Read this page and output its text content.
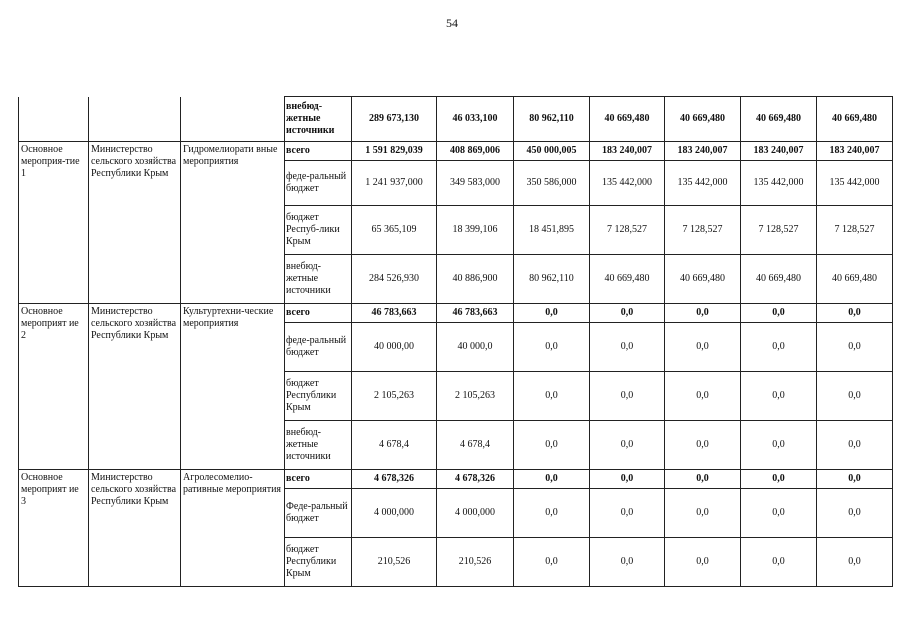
54
			внебюд-жетные источники	289 673,130	46 033,100	80 962,110	40 669,480	40 669,480	40 669,480	40 669,480
Основное мероприя-тие 1	Министерство сельского хозяйства Республики Крым	Гидромелиорати вные мероприятия	всего	1 591 829,039	408 869,006	450 000,005	183 240,007	183 240,007	183 240,007	183 240,007
			феде-ральный бюджет	1 241 937,000	349 583,000	350 586,000	135 442,000	135 442,000	135 442,000	135 442,000
			бюджет Респуб-лики Крым	65 365,109	18 399,106	18 451,895	7 128,527	7 128,527	7 128,527	7 128,527
			внебюд-жетные источники	284 526,930	40 886,900	80 962,110	40 669,480	40 669,480	40 669,480	40 669,480
Основное мероприят ие 2	Министерство сельского хозяйства Республики Крым	Культуртехни-ческие мероприятия	всего	46 783,663	46 783,663	0,0	0,0	0,0	0,0	0,0
			феде-ральный бюджет	40 000,00	40 000,0	0,0	0,0	0,0	0,0	0,0
			бюджет Республики Крым	2 105,263	2 105,263	0,0	0,0	0,0	0,0	0,0
			внебюд-жетные источники	4 678,4	4 678,4	0,0	0,0	0,0	0,0	0,0
Основное мероприят ие 3	Министерство сельского хозяйства Республики Крым	Агролесомелио-ративные мероприятия	всего	4 678,326	4 678,326	0,0	0,0	0,0	0,0	0,0
			Феде-ральный бюджет	4 000,000	4 000,000	0,0	0,0	0,0	0,0	0,0
			бюджет Республики Крым	210,526	210,526	0,0	0,0	0,0	0,0	0,0
